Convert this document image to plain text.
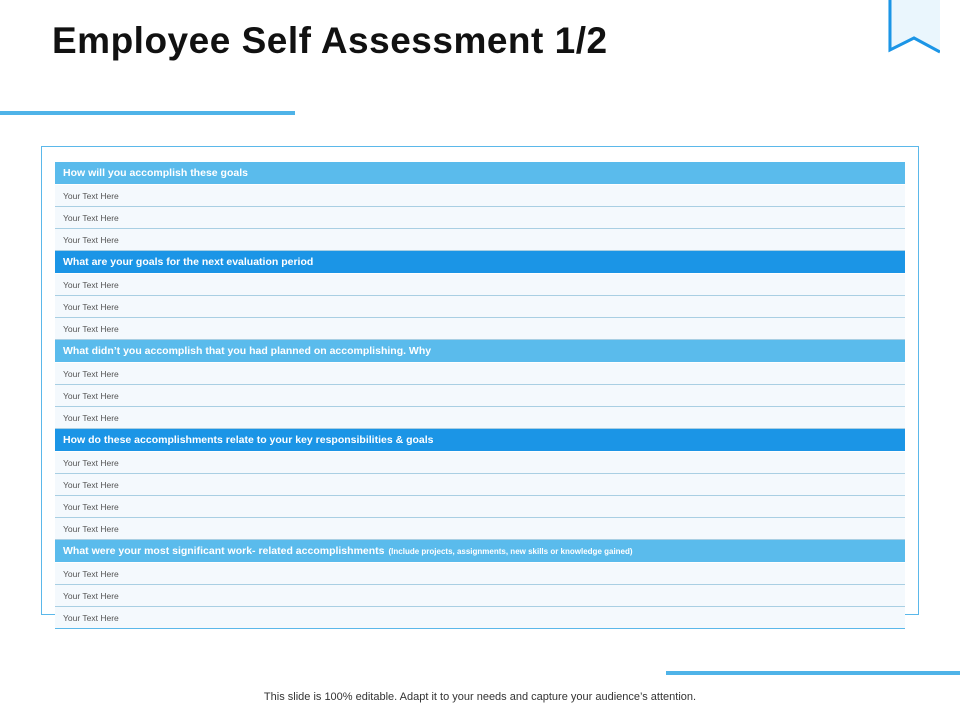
Employee Self Assessment 1/2
How will you accomplish these goals
Your Text Here
Your Text Here
Your Text Here
What are your goals for the next evaluation period
Your Text Here
Your Text Here
Your Text Here
What didn’t you accomplish that you had planned on accomplishing. Why
Your Text Here
Your Text Here
Your Text Here
How do these accomplishments relate to your key responsibilities & goals
Your Text Here
Your Text Here
Your Text Here
Your Text Here
What were your most significant work- related accomplishments (Include projects, assignments, new skills or knowledge gained)
Your Text Here
Your Text Here
Your Text Here
This slide is 100% editable. Adapt it to your needs and capture your audience’s attention.
